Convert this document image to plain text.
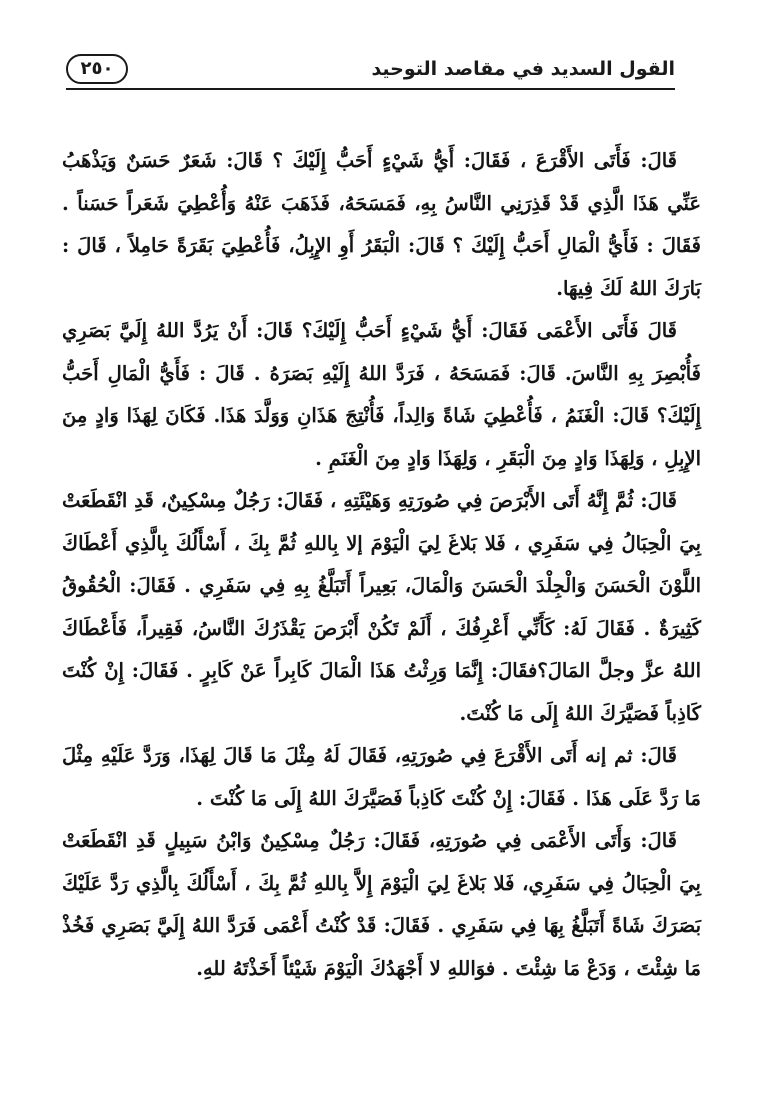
القول السديد في مقاصد التوحيد
٢٥٠

قَالَ: فَأَتَى الأَقْرَعَ ، فَقَالَ: أَيُّ شَيْءٍ أَحَبُّ إِلَيْكَ ؟ قَالَ: شَعَرٌ حَسَنٌ وَيَذْهَبُ عَنِّي هَذَا الَّذِي قَدْ قَذِرَنِي النَّاسُ بِهِ، فَمَسَحَهُ، فَذَهَبَ عَنْهُ وَأُعْطِيَ شَعَراً حَسَناً . فَقَالَ : فَأَيُّ الْمَالِ أَحَبُّ إِلَيْكَ ؟ قَالَ: الْبَقَرُ أَوِ الإِبِلُ، فَأُعْطِيَ بَقَرَةً حَامِلاً ، قَالَ : بَارَكَ اللهُ لَكَ فِيهَا.

قَالَ فَأَتَى الأَعْمَى فَقَالَ: أَيُّ شَيْءٍ أَحَبُّ إِلَيْكَ؟ قَالَ: أَنْ يَرُدَّ اللهُ إِلَيَّ بَصَرِي فَأُبْصِرَ بِهِ النَّاسَ. قَالَ: فَمَسَحَهُ ، فَرَدَّ اللهُ إِلَيْهِ بَصَرَهُ . قَالَ : فَأَيُّ الْمَالِ أَحَبُّ إِلَيْكَ؟ قَالَ: الْغَنَمُ ، فَأُعْطِيَ شَاةً وَالِداً، فَأُنْتِجَ هَذَانِ وَوَلَّدَ هَذَا. فَكَانَ لِهَذَا وَادٍ مِنَ الإِبِلِ ، وَلِهَذَا وَادٍ مِنَ الْبَقَرِ ، وَلِهَذَا وَادٍ مِنَ الْغَنَمِ .

قَالَ: ثُمَّ إِنَّهُ أَتَى الأَبْرَصَ فِي صُورَتِهِ وَهَيْئَتِهِ ، فَقَالَ: رَجُلٌ مِسْكِينٌ، قَدِ انْقَطَعَتْ بِيَ الْحِبَالُ فِي سَفَرِي ، فَلا بَلاغَ لِيَ الْيَوْمَ إلا بِاللهِ ثُمَّ بِكَ ، أَسْأَلُكَ بِالَّذِي أَعْطَاكَ اللَّوْنَ الْحَسَنَ وَالْجِلْدَ الْحَسَنَ وَالْمَالَ، بَعِيراً أَتَبَلَّغُ بِهِ فِي سَفَرِي . فَقَالَ: الْحُقُوقُ كَثِيرَةٌ . فَقَالَ لَهُ: كَأَنِّي أَعْرِفُكَ ، أَلَمْ تَكُنْ أَبْرَصَ يَقْذَرُكَ النَّاسُ، فَقِيراً، فَأَعْطَاكَ اللهُ عزَّ وجلَّ المَالَ؟فقَالَ: إِنَّمَا وَرِثْتُ هَذَا الْمَالَ كَابِراً عَنْ كَابِرٍ . فَقَالَ: إِنْ كُنْتَ كَاذِباً فَصَيَّرَكَ اللهُ إِلَى مَا كُنْتَ.

قَالَ: ثم إنه أَتَى الأَقْرَعَ فِي صُورَتِهِ، فَقَالَ لَهُ مِثْلَ مَا قَالَ لِهَذَا، وَرَدَّ عَلَيْهِ مِثْلَ مَا رَدَّ عَلَى هَذَا . فَقَالَ: إِنْ كُنْتَ كَاذِباً فَصَيَّرَكَ اللهُ إِلَى مَا كُنْتَ .

قَالَ: وَأَتَى الأَعْمَى فِي صُورَتِهِ، فَقَالَ: رَجُلٌ مِسْكِينٌ وَابْنُ سَبِيلٍ قَدِ انْقَطَعَتْ بِيَ الْحِبَالُ فِي سَفَرِي، فَلا بَلاغَ لِيَ الْيَوْمَ إِلاَّ بِاللهِ ثُمَّ بِكَ ، أَسْأَلُكَ بِالَّذِي رَدَّ عَلَيْكَ بَصَرَكَ شَاةً أَتَبَلَّغُ بِهَا فِي سَفَرِي . فَقَالَ: قَدْ كُنْتُ أَعْمَى فَرَدَّ اللهُ إِلَيَّ بَصَرِي فَخُذْ مَا شِئْتَ ، وَدَعْ مَا شِئْتَ . فوَاللهِ لا أَجْهَدُكَ الْيَوْمَ شَيْئاً أَخَذْتَهُ للهِ.
